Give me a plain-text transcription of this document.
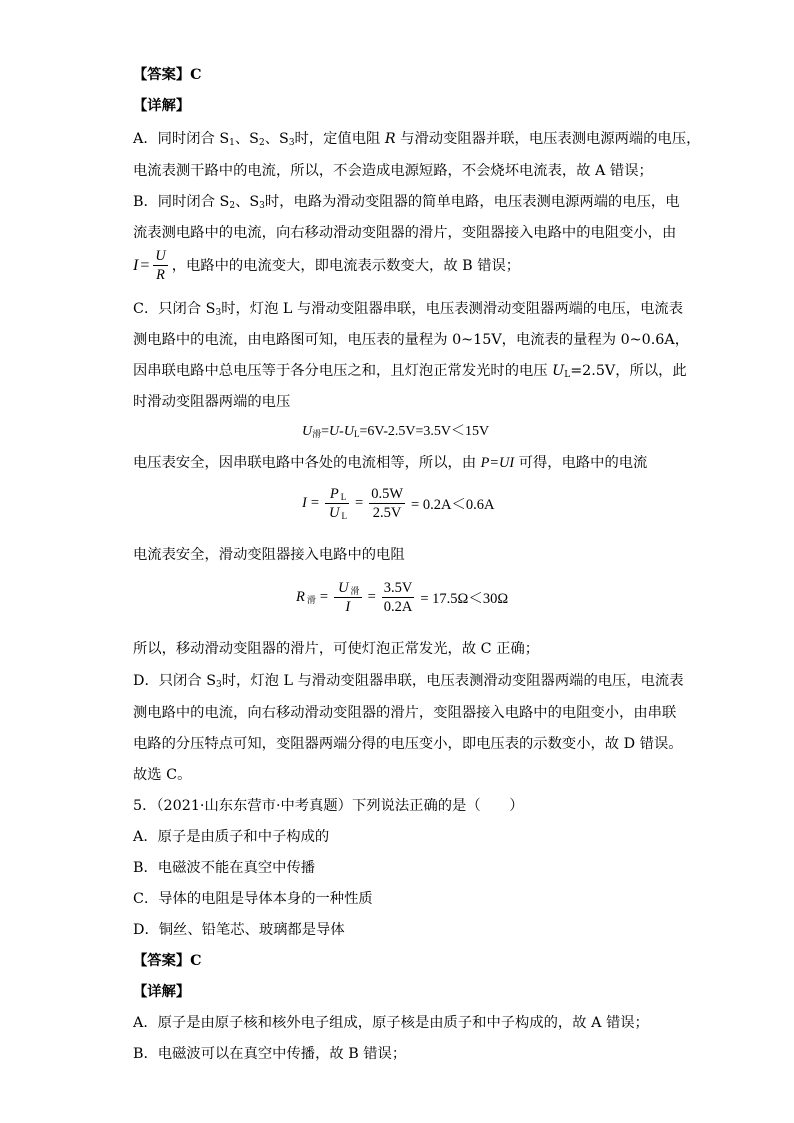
【答案】C
【详解】
A．同时闭合 $S_1$、$S_2$、$S_3$时，定值电阻 R 与滑动变阻器并联，电压表测电源两端的电压，
电流表测干路中的电流，所以，不会造成电源短路，不会烧坏电流表，故 A 错误；
B．同时闭合 $S_2$、$S_3$时，电路为滑动变阻器的简单电路，电压表测电源两端的电压，电
流表测电路中的电流，向右移动滑动变阻器的滑片，变阻器接入电路中的电阻变小，由
$I = \frac{U}{R}$ ，电路中的电流变大，即电流表示数变大，故 B 错误；
C．只闭合 $S_3$时，灯泡 L 与滑动变阻器串联，电压表测滑动变阻器两端的电压，电流表
测电路中的电流，由电路图可知，电压表的量程为 0~15V，电流表的量程为 0~0.6A，
因串联电路中总电压等于各分电压之和，且灯泡正常发光时的电压 $U_L=2.5V$，所以，此
时滑动变阻器两端的电压
$U_滑=U-U_L=6V-2.5V=3.5V<15V$
电压表安全，因串联电路中各处的电流相等，所以，由 P=UI 可得，电路中的电流
$I = \frac{P _L}{U _L} = \frac{0.5W}{2.5V} = 0.2A<0.6A$
电流表安全，滑动变阻器接入电路中的电阻
R $_滑 = \frac{U _滑}{I} = \frac{3.5V}{0.2A} = 17.5\Omega<30\Omega$
所以，移动滑动变阻器的滑片，可使灯泡正常发光，故 C 正确；
D．只闭合 $S_3$时，灯泡 L 与滑动变阻器串联，电压表测滑动变阻器两端的电压，电流表
测电路中的电流，向右移动滑动变阻器的滑片，变阻器接入电路中的电阻变小，由串联
电路的分压特点可知，变阻器两端分得的电压变小，即电压表的示数变小，故 D 错误。
故选 C。
5．（2021·山东东营市·中考真题）下列说法正确的是（　　）
A．原子是由质子和中子构成的
B．电磁波不能在真空中传播
C．导体的电阻是导体本身的一种性质
D．铜丝、铅笔芯、玻璃都是导体
【答案】C
【详解】
A．原子是由原子核和核外电子组成，原子核是由质子和中子构成的，故 A 错误；
B．电磁波可以在真空中传播，故 B 错误；
